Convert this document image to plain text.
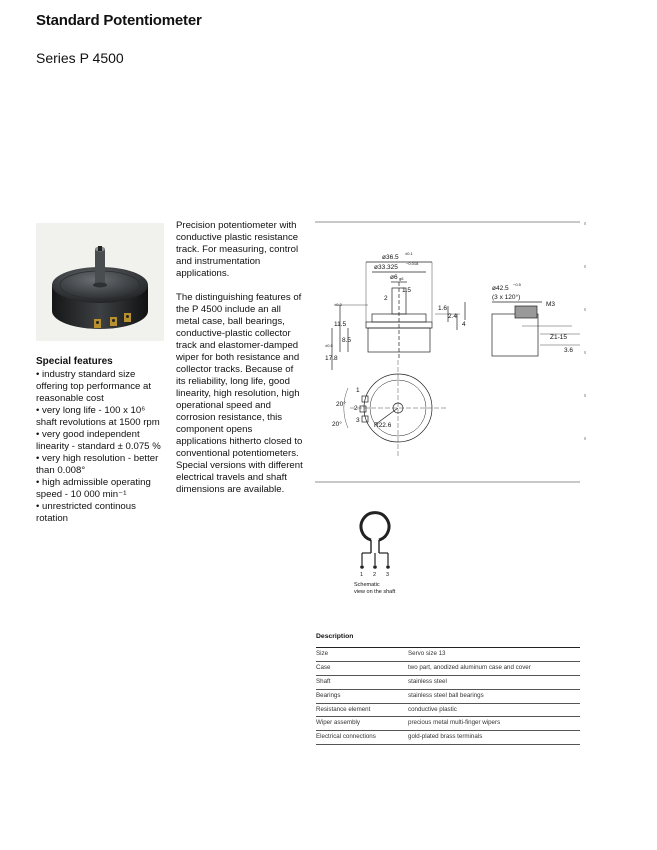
Standard Potentiometer
Series P 4500
Special features
• industry standard size offering top performance at reasonable cost
• very long life - 100 x 10⁶ shaft revolutions at 1500 rpm
• very good independent linearity - standard ± 0.075 %
• very high resolution - better than 0.008°
• high admissible operating speed - 10 000 min⁻¹
• unrestricted continous rotation

Precision potentiometer with conductive plastic resistance track. For measuring, control and instrumentation applications.

The distinguishing features of the P 4500 include an all metal case, ball bearings, conductive-plastic collector track and elastomer-damped wiper for both resistance and collector tracks. Because of its reliability, long life, good linearity, high resolution, high operational speed and corrosion resistance, this component opens applications hitherto closed to conventional potentiometers. Special versions with different electrical travels and shaft dimensions are available.

ø36.5
±0.1
ø33.325
−0.018
ø6 g6
1.5
2
1.6
2.4
4
11.5
±0.3
8.5
17.8
±0.5
ø42.5
−0.5
(3 x 120°)
M3
Z1-15
3.6
R22.6
20°
20°
1
2
3
1 2 3
Schematic
view on the shaft
Description
Size	Servo size 13
Case	two part, anodized aluminum case and cover
Shaft	stainless steel
Bearings	stainless steel ball bearings
Resistance element	conductive plastic
Wiper assembly	precious metal multi-finger wipers
Electrical connections	gold-plated brass terminals
